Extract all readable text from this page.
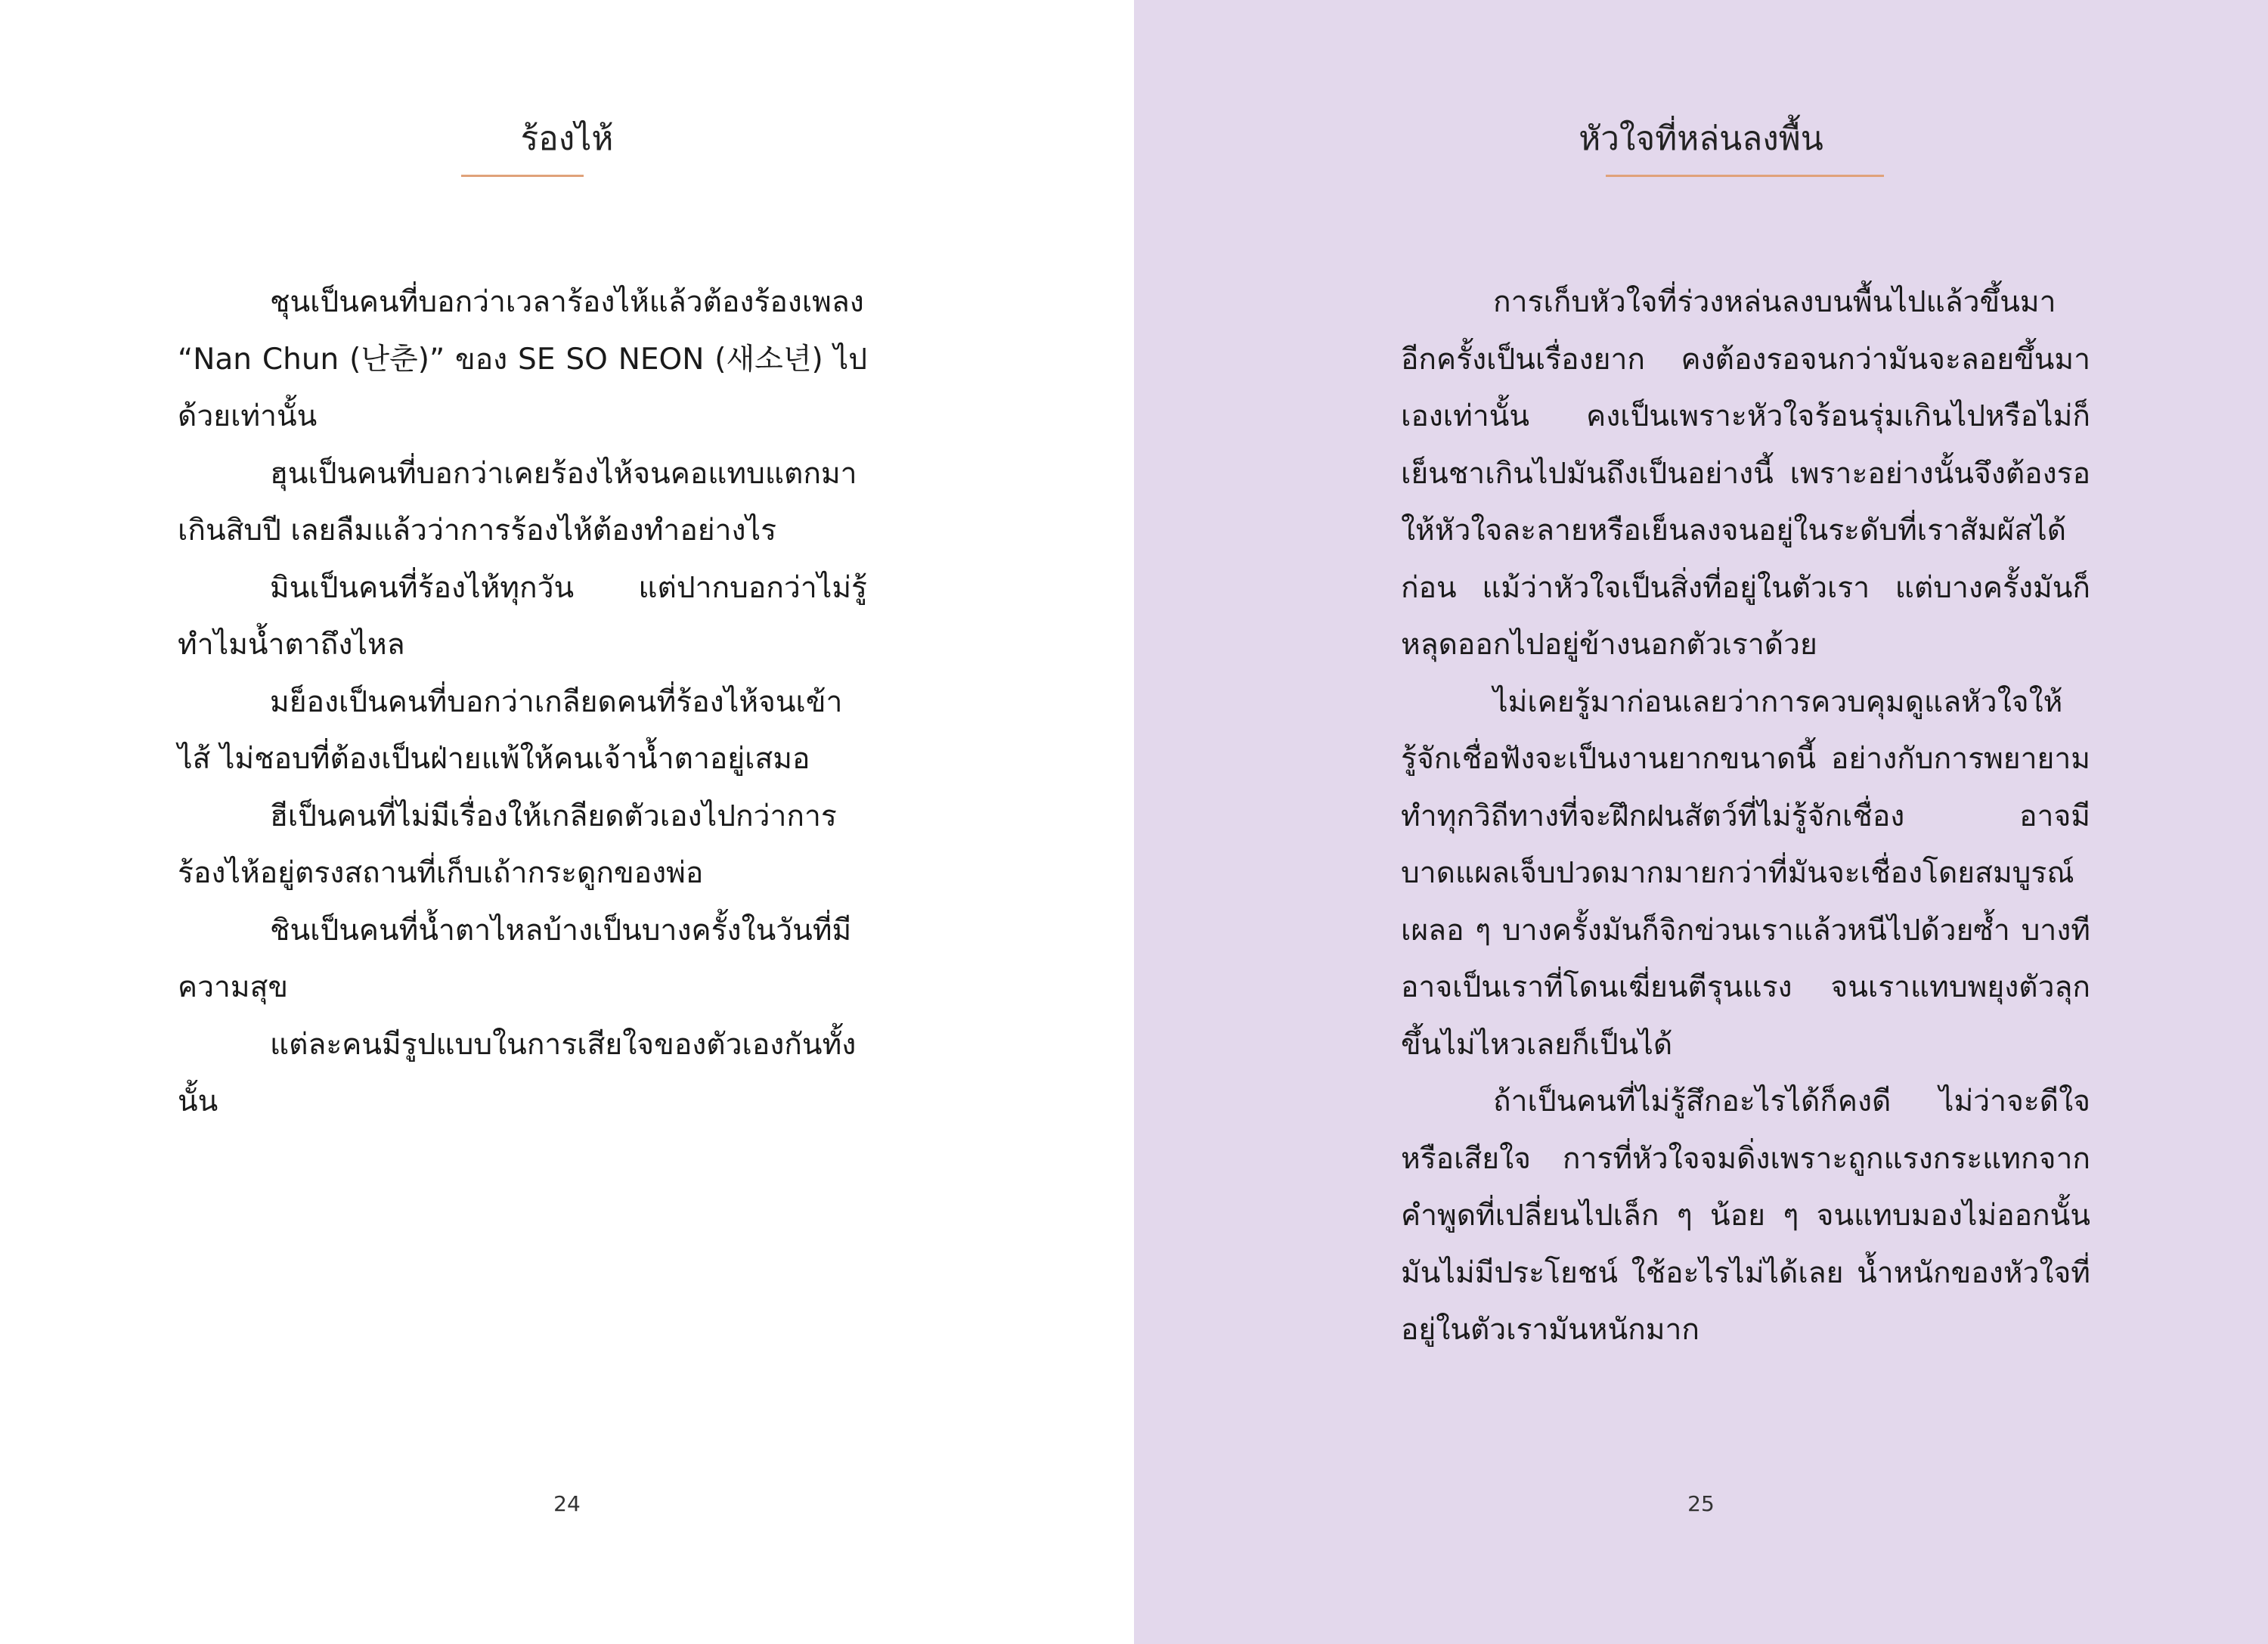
ร้องไห้

ชุนเป็นคนที่บอกว่าเวลาร้องไห้แล้วต้องร้องเพลง “Nan Chun (난춘)” ของ SE SO NEON (새소년) ไปด้วยเท่านั้น

ฮุนเป็นคนที่บอกว่าเคยร้องไห้จนคอแทบแตกมาเกินสิบปี เลยลืมแล้วว่าการร้องไห้ต้องทำอย่างไร

มินเป็นคนที่ร้องไห้ทุกวัน แต่ปากบอกว่าไม่รู้ทำไมน้ำตาถึงไหล

มย็องเป็นคนที่บอกว่าเกลียดคนที่ร้องไห้จนเข้าไส้ ไม่ชอบที่ต้องเป็นฝ่ายแพ้ให้คนเจ้าน้ำตาอยู่เสมอ

ฮีเป็นคนที่ไม่มีเรื่องให้เกลียดตัวเองไปกว่าการร้องไห้อยู่ตรงสถานที่เก็บเถ้ากระดูกของพ่อ

ชินเป็นคนที่น้ำตาไหลบ้างเป็นบางครั้งในวันที่มีความสุข

แต่ละคนมีรูปแบบในการเสียใจของตัวเองกันทั้งนั้น

24
หัวใจที่หล่นลงพื้น

การเก็บหัวใจที่ร่วงหล่นลงบนพื้นไปแล้วขึ้นมาอีกครั้งเป็นเรื่องยาก คงต้องรอจนกว่ามันจะลอยขึ้นมาเองเท่านั้น คงเป็นเพราะหัวใจร้อนรุ่มเกินไปหรือไม่ก็เย็นชาเกินไปมันถึงเป็นอย่างนี้ เพราะอย่างนั้นจึงต้องรอให้หัวใจละลายหรือเย็นลงจนอยู่ในระดับที่เราสัมผัสได้ก่อน แม้ว่าหัวใจเป็นสิ่งที่อยู่ในตัวเรา แต่บางครั้งมันก็หลุดออกไปอยู่ข้างนอกตัวเราด้วย

ไม่เคยรู้มาก่อนเลยว่าการควบคุมดูแลหัวใจให้รู้จักเชื่อฟังจะเป็นงานยากขนาดนี้ อย่างกับการพยายามทำทุกวิถีทางที่จะฝึกฝนสัตว์ที่ไม่รู้จักเชื่อง อาจมีบาดแผลเจ็บปวดมากมายกว่าที่มันจะเชื่องโดยสมบูรณ์ เผลอ ๆ บางครั้งมันก็จิกข่วนเราแล้วหนีไปด้วยซ้ำ บางทีอาจเป็นเราที่โดนเฆี่ยนตีรุนแรง จนเราแทบพยุงตัวลุกขึ้นไม่ไหวเลยก็เป็นได้

ถ้าเป็นคนที่ไม่รู้สึกอะไรได้ก็คงดี ไม่ว่าจะดีใจหรือเสียใจ การที่หัวใจจมดิ่งเพราะถูกแรงกระแทกจากคำพูดที่เปลี่ยนไปเล็ก ๆ น้อย ๆ จนแทบมองไม่ออกนั้นมันไม่มีประโยชน์ ใช้อะไรไม่ได้เลย น้ำหนักของหัวใจที่อยู่ในตัวเรามันหนักมาก

25
